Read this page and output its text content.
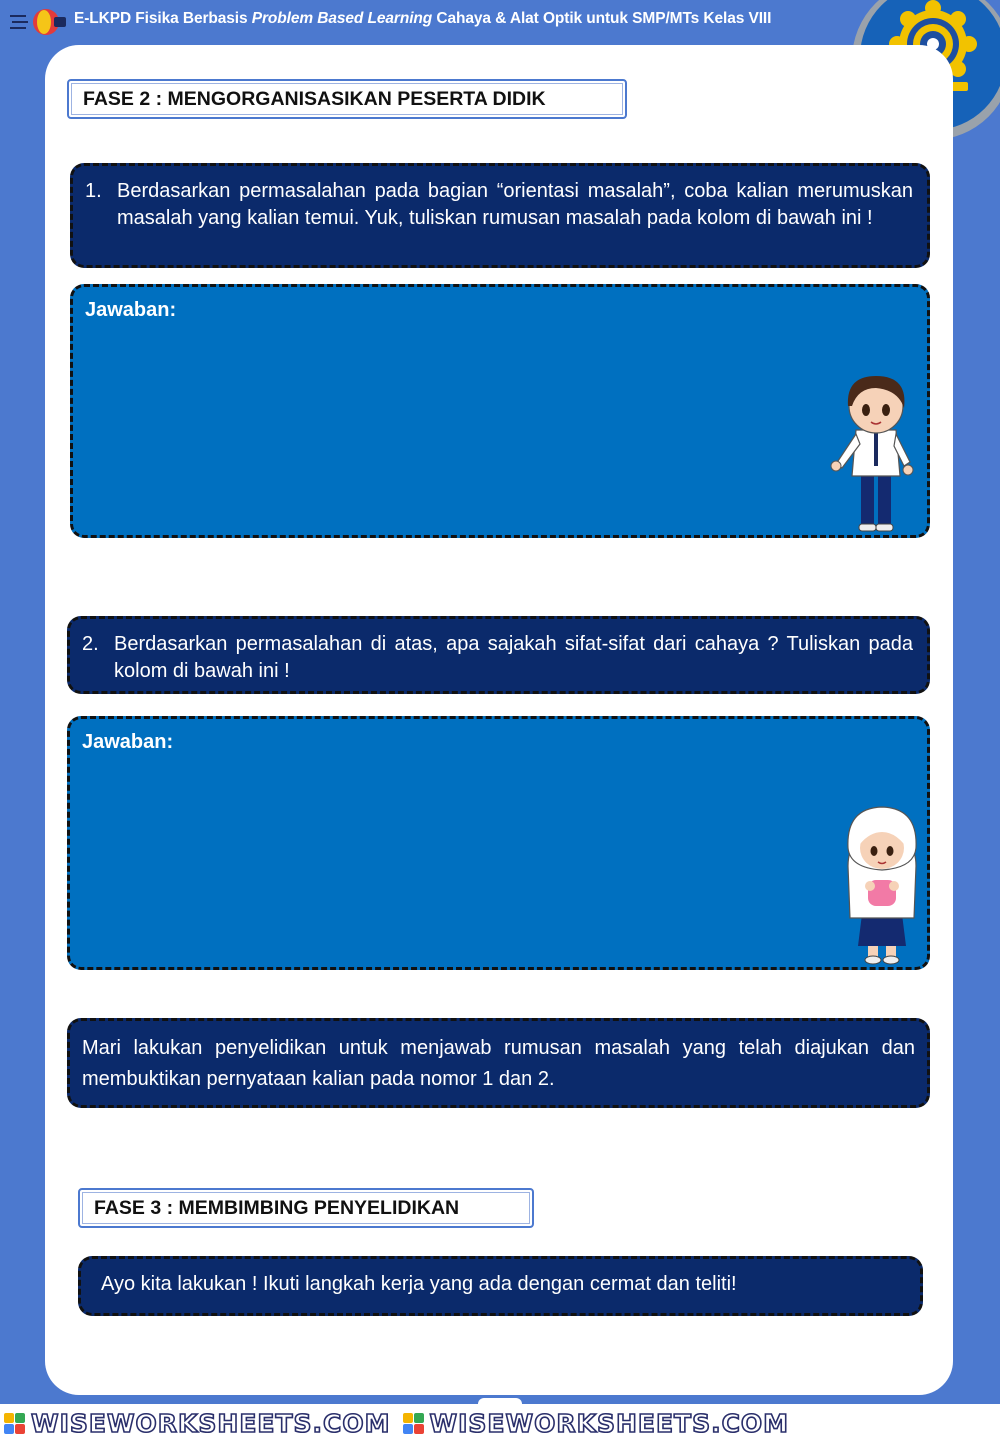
E-LKPD Fisika Berbasis Problem Based Learning Cahaya & Alat Optik untuk SMP/MTs Kelas VIII
FASE 2 : MENGORGANISASIKAN PESERTA DIDIK
1. Berdasarkan permasalahan pada bagian “orientasi masalah”, coba kalian merumuskan masalah yang kalian temui. Yuk, tuliskan rumusan masalah pada kolom di bawah ini !
Jawaban:
2. Berdasarkan permasalahan di atas, apa sajakah sifat-sifat dari cahaya ? Tuliskan pada kolom di bawah ini !
Jawaban:
Mari lakukan penyelidikan untuk menjawab rumusan masalah yang telah diajukan dan membuktikan pernyataan kalian pada nomor 1 dan 2.
FASE 3 : MEMBIMBING PENYELIDIKAN
Ayo kita lakukan ! Ikuti langkah kerja yang ada dengan cermat dan teliti!
WISEWORKSHEETS.COM WISEWORKSHEETS.COM
